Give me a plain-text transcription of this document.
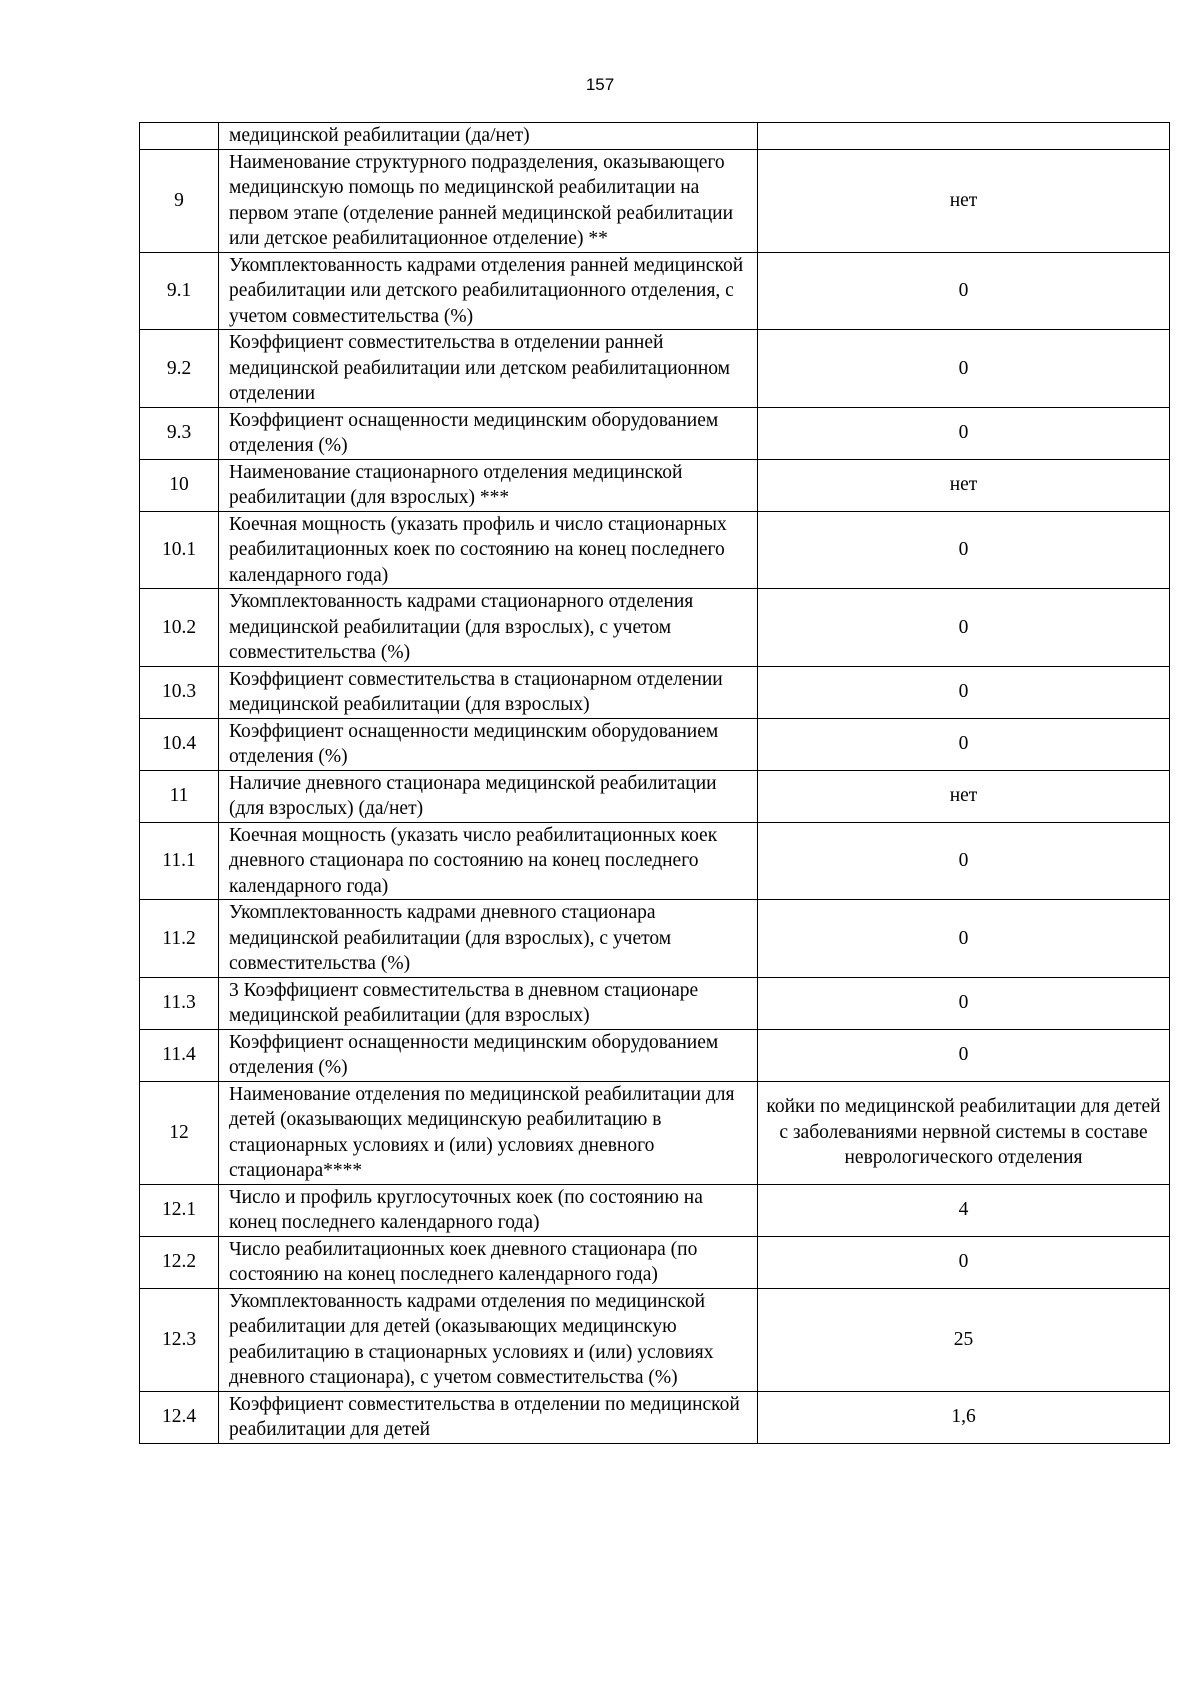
157
	медицинской реабилитации (да/нет)	
9	Наименование структурного подразделения, оказывающего медицинскую помощь по медицинской реабилитации на первом этапе (отделение ранней медицинской реабилитации или детское реабилитационное отделение) **	нет
9.1	Укомплектованность кадрами отделения ранней медицинской реабилитации или детского реабилитационного отделения, с учетом совместительства (%)	0
9.2	Коэффициент совместительства в отделении ранней медицинской реабилитации или детском реабилитационном отделении	0
9.3	Коэффициент оснащенности медицинским оборудованием отделения (%)	0
10	Наименование стационарного отделения медицинской реабилитации (для взрослых) ***	нет
10.1	Коечная мощность (указать профиль и число стационарных реабилитационных коек по состоянию на конец последнего календарного года)	0
10.2	Укомплектованность кадрами стационарного отделения медицинской реабилитации (для взрослых), с учетом совместительства (%)	0
10.3	Коэффициент совместительства в стационарном отделении медицинской реабилитации (для взрослых)	0
10.4	Коэффициент оснащенности медицинским оборудованием отделения (%)	0
11	Наличие дневного стационара медицинской реабилитации (для взрослых) (да/нет)	нет
11.1	Коечная мощность (указать число реабилитационных коек дневного стационара по состоянию на конец последнего календарного года)	0
11.2	Укомплектованность кадрами дневного стационара медицинской реабилитации (для взрослых), с учетом совместительства (%)	0
11.3	3 Коэффициент совместительства в дневном стационаре медицинской реабилитации (для взрослых)	0
11.4	Коэффициент оснащенности медицинским оборудованием отделения (%)	0
12	Наименование отделения по медицинской реабилитации для детей (оказывающих медицинскую реабилитацию в стационарных условиях и (или) условиях дневного стационара****	койки по медицинской реабилитации для детей с заболеваниями нервной системы в составе неврологического отделения
12.1	Число и профиль круглосуточных коек (по состоянию на конец последнего календарного года)	4
12.2	Число реабилитационных коек дневного стационара (по состоянию на конец последнего календарного года)	0
12.3	Укомплектованность кадрами отделения по медицинской реабилитации для детей (оказывающих медицинскую реабилитацию в стационарных условиях и (или) условиях дневного стационара), с учетом совместительства (%)	25
12.4	Коэффициент совместительства в отделении по медицинской реабилитации для детей	1,6
